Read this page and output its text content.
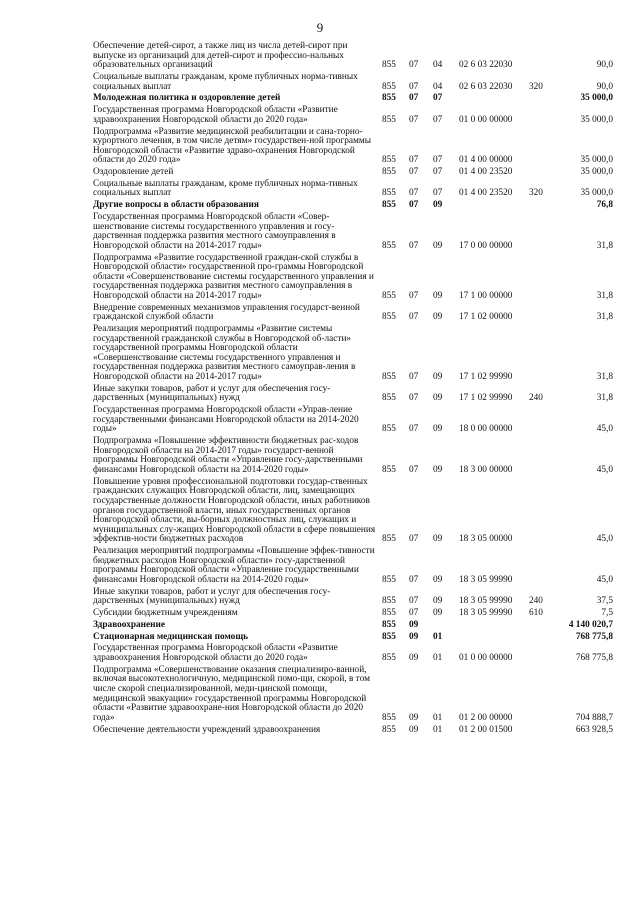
9
Обеспечение детей-сирот, а также лиц из числа детей-сирот при выпуске из организаций для детей-сирот и профессио-нальных образовательных организаций	855	07	04	02 6 03 22030	90,0
Социальные выплаты гражданам, кроме публичных норма-тивных социальных выплат	855	07	04	02 6 03 22030	320	90,0
Молодежная политика и оздоровление детей	855	07	07	35 000,0
Государственная программа Новгородской области «Развитие здравоохранения Новгородской области до 2020 года»	855	07	07	01 0 00 00000	35 000,0
Подпрограмма «Развитие медицинской реабилитации и сана-торно-курортного лечения, в том числе детям» государствен-ной программы Новгородской области «Развитие здраво-охранения Новгородской области до 2020 года»	855	07	07	01 4 00 00000	35 000,0
Оздоровление детей	855	07	07	01 4 00 23520	35 000,0
Социальные выплаты гражданам, кроме публичных норма-тивных социальных выплат	855	07	07	01 4 00 23520	320	35 000,0
Другие вопросы в области образования	855	07	09	76,8
Государственная программа Новгородской области «Совер-шенствование системы государственного управления и госу-дарственная поддержка развития местного самоуправления в Новгородской области на 2014-2017 годы»	855	07	09	17 0 00 00000	31,8
Подпрограмма «Развитие государственной граждан-ской службы в Новгородской области» государственной про-граммы Новгородской области «Совершенствование системы государственного управления и государственная поддержка развития местного самоуправления в Новгородской области на 2014-2017 годы»	855	07	09	17 1 00 00000	31,8
Внедрение современных механизмов управления государст-венной гражданской службой области	855	07	09	17 1 02 00000	31,8
Реализация мероприятий подпрограммы «Развитие системы государственной гражданской службы в Новгородской об-ласти» государственной программы Новгородской области «Совершенствование системы государственного управления и государственная поддержка развития местного самоуправ-ления в Новгородской области на 2014-2017 годы»	855	07	09	17 1 02 99990	31,8
Иные закупки товаров, работ и услуг для обеспечения госу-дарственных (муниципальных) нужд	855	07	09	17 1 02 99990	240	31,8
Государственная программа Новгородской области «Управ-ление государственными финансами Новгородской области на 2014-2020 годы»	855	07	09	18 0 00 00000	45,0
Подпрограмма «Повышение эффективности бюджетных рас-ходов Новгородской области на 2014-2017 годы» государст-венной программы Новгородской области «Управление госу-дарственными финансами Новгородской области на 2014-2020 годы»	855	07	09	18 3 00 00000	45,0
Повышение уровня профессиональной подготовки государ-ственных гражданских служащих Новгородской области, лиц, замещающих государственные должности Новгородской области, иных работников органов государственной власти, иных государственных органов Новгородской области, вы-борных должностных лиц, служащих и муниципальных слу-жащих Новгородской области в сфере повышения эффектив-ности бюджетных расходов	855	07	09	18 3 05 00000	45,0
Реализация мероприятий подпрограммы «Повышение эффек-тивности бюджетных расходов Новгородской области» госу-дарственной программы Новгородской области «Управление государственными финансами Новгородской области на 2014-2020 годы»	855	07	09	18 3 05 99990	45,0
Иные закупки товаров, работ и услуг для обеспечения госу-дарственных (муниципальных) нужд	855	07	09	18 3 05 99990	240	37,5
Субсидии бюджетным учреждениям	855	07	09	18 3 05 99990	610	7,5
Здравоохранение	855	09	4 140 020,7
Стационарная медицинская помощь	855	09	01	768 775,8
Государственная программа Новгородской области «Развитие здравоохранения Новгородской области до 2020 года»	855	09	01	01 0 00 00000	768 775,8
Подпрограмма «Совершенствование оказания специализиро-ванной, включая высокотехнологичную, медицинской помо-щи, скорой, в том числе скорой специализированной, меди-цинской помощи, медицинской эвакуации» государственной программы Новгородской области «Развитие здравоохране-ния Новгородской области до 2020 года»	855	09	01	01 2 00 00000	704 888,7
Обеспечение деятельности учреждений здравоохранения	855	09	01	01 2 00 01500	663 928,5
